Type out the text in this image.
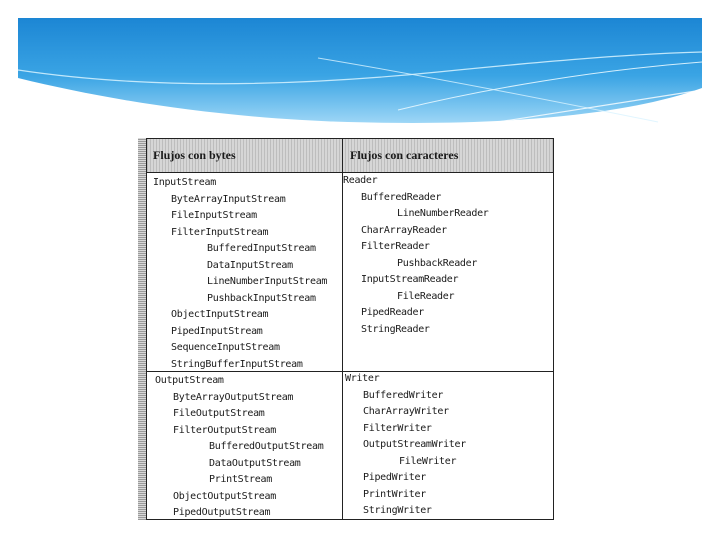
Flujos con bytes	Flujos con caracteres
InputStream
ByteArrayInputStream
FileInputStream
FilterInputStream
BufferedInputStream
DataInputStream
LineNumberInputStream
PushbackInputStream
ObjectInputStream
PipedInputStream
SequenceInputStream
StringBufferInputStream
Reader
BufferedReader
LineNumberReader
CharArrayReader
FilterReader
PushbackReader
InputStreamReader
FileReader
PipedReader
StringReader
OutputStream
ByteArrayOutputStream
FileOutputStream
FilterOutputStream
BufferedOutputStream
DataOutputStream
PrintStream
ObjectOutputStream
PipedOutputStream
Writer
BufferedWriter
CharArrayWriter
FilterWriter
OutputStreamWriter
FileWriter
PipedWriter
PrintWriter
StringWriter
